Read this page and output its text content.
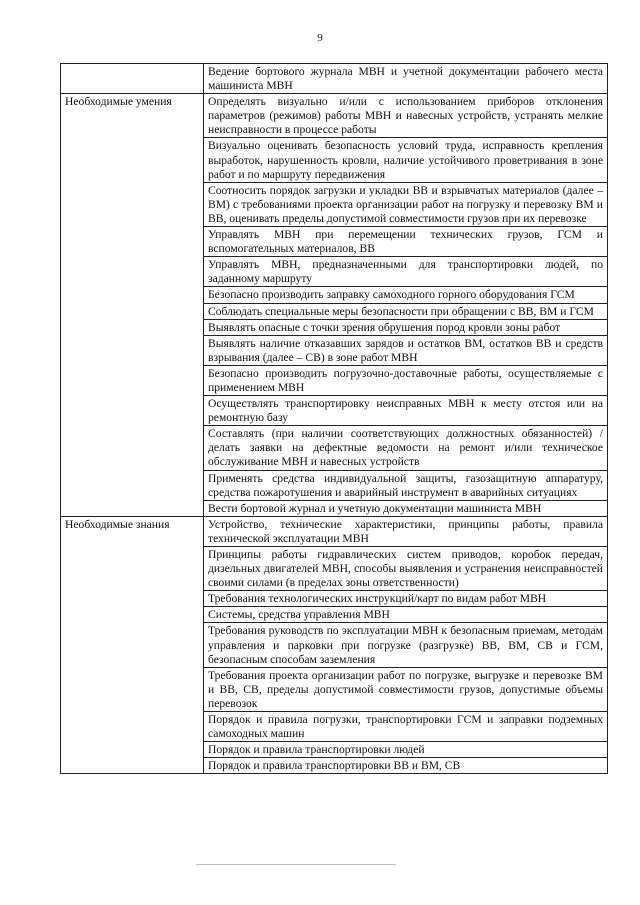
9
	Ведение бортового журнала МВН и учетной документации рабочего места машиниста МВН
Необходимые умения	Определять визуально и/или с использованием приборов отклонения параметров (режимов) работы МВН и навесных устройств, устранять мелкие неисправности в процессе работы
	Визуально оценивать безопасность условий труда, исправность крепления выработок, нарушенность кровли, наличие устойчивого проветривания в зоне работ и по маршруту передвижения
	Соотносить порядок загрузки и укладки ВВ и взрывчатых материалов (далее – ВМ) с требованиями проекта организации работ на погрузку и перевозку ВМ и ВВ, оценивать пределы допустимой совместимости грузов при их перевозке
	Управлять МВН при перемещении технических грузов, ГСМ и вспомогательных материалов, ВВ
	Управлять МВН, предназначенными для транспортировки людей, по заданному маршруту
	Безопасно производить заправку самоходного горного оборудования ГСМ
	Соблюдать специальные меры безопасности при обращении с ВВ, ВМ и ГСМ
	Выявлять опасные с точки зрения обрушения пород кровли зоны работ
	Выявлять наличие отказавших зарядов и остатков ВМ, остатков ВВ и средств взрывания (далее – СВ) в зоне работ МВН
	Безопасно производить погрузочно-доставочные работы, осуществляемые с применением МВН
	Осуществлять транспортировку неисправных МВН к месту отстоя или на ремонтную базу
	Составлять (при наличии соответствующих должностных обязанностей) / делать заявки на дефектные ведомости на ремонт и/или техническое обслуживание МВН и навесных устройств
	Применять средства индивидуальной защиты, газозащитную аппаратуру, средства пожаротушения и аварийный инструмент в аварийных ситуациях
	Вести бортовой журнал и учетную документации машиниста МВН
Необходимые знания	Устройство, технические характеристики, принципы работы, правила технической эксплуатации МВН
	Принципы работы гидравлических систем приводов, коробок передач, дизельных двигателей МВН, способы выявления и устранения неисправностей своими силами (в пределах зоны ответственности)
	Требования технологических инструкций/карт по видам работ МВН
	Системы, средства управления МВН
	Требования руководств по эксплуатации МВН к безопасным приемам, методам управления и парковки при погрузке (разгрузке) ВВ, ВМ, СВ и ГСМ, безопасным способам заземления
	Требования проекта организации работ по погрузке, выгрузке и перевозке ВМ и ВВ, СВ, пределы допустимой совместимости грузов, допустимые объемы перевозок
	Порядок и правила погрузки, транспортировки ГСМ и заправки подземных самоходных машин
	Порядок и правила транспортировки людей
	Порядок и правила транспортировки ВВ и ВМ, СВ
